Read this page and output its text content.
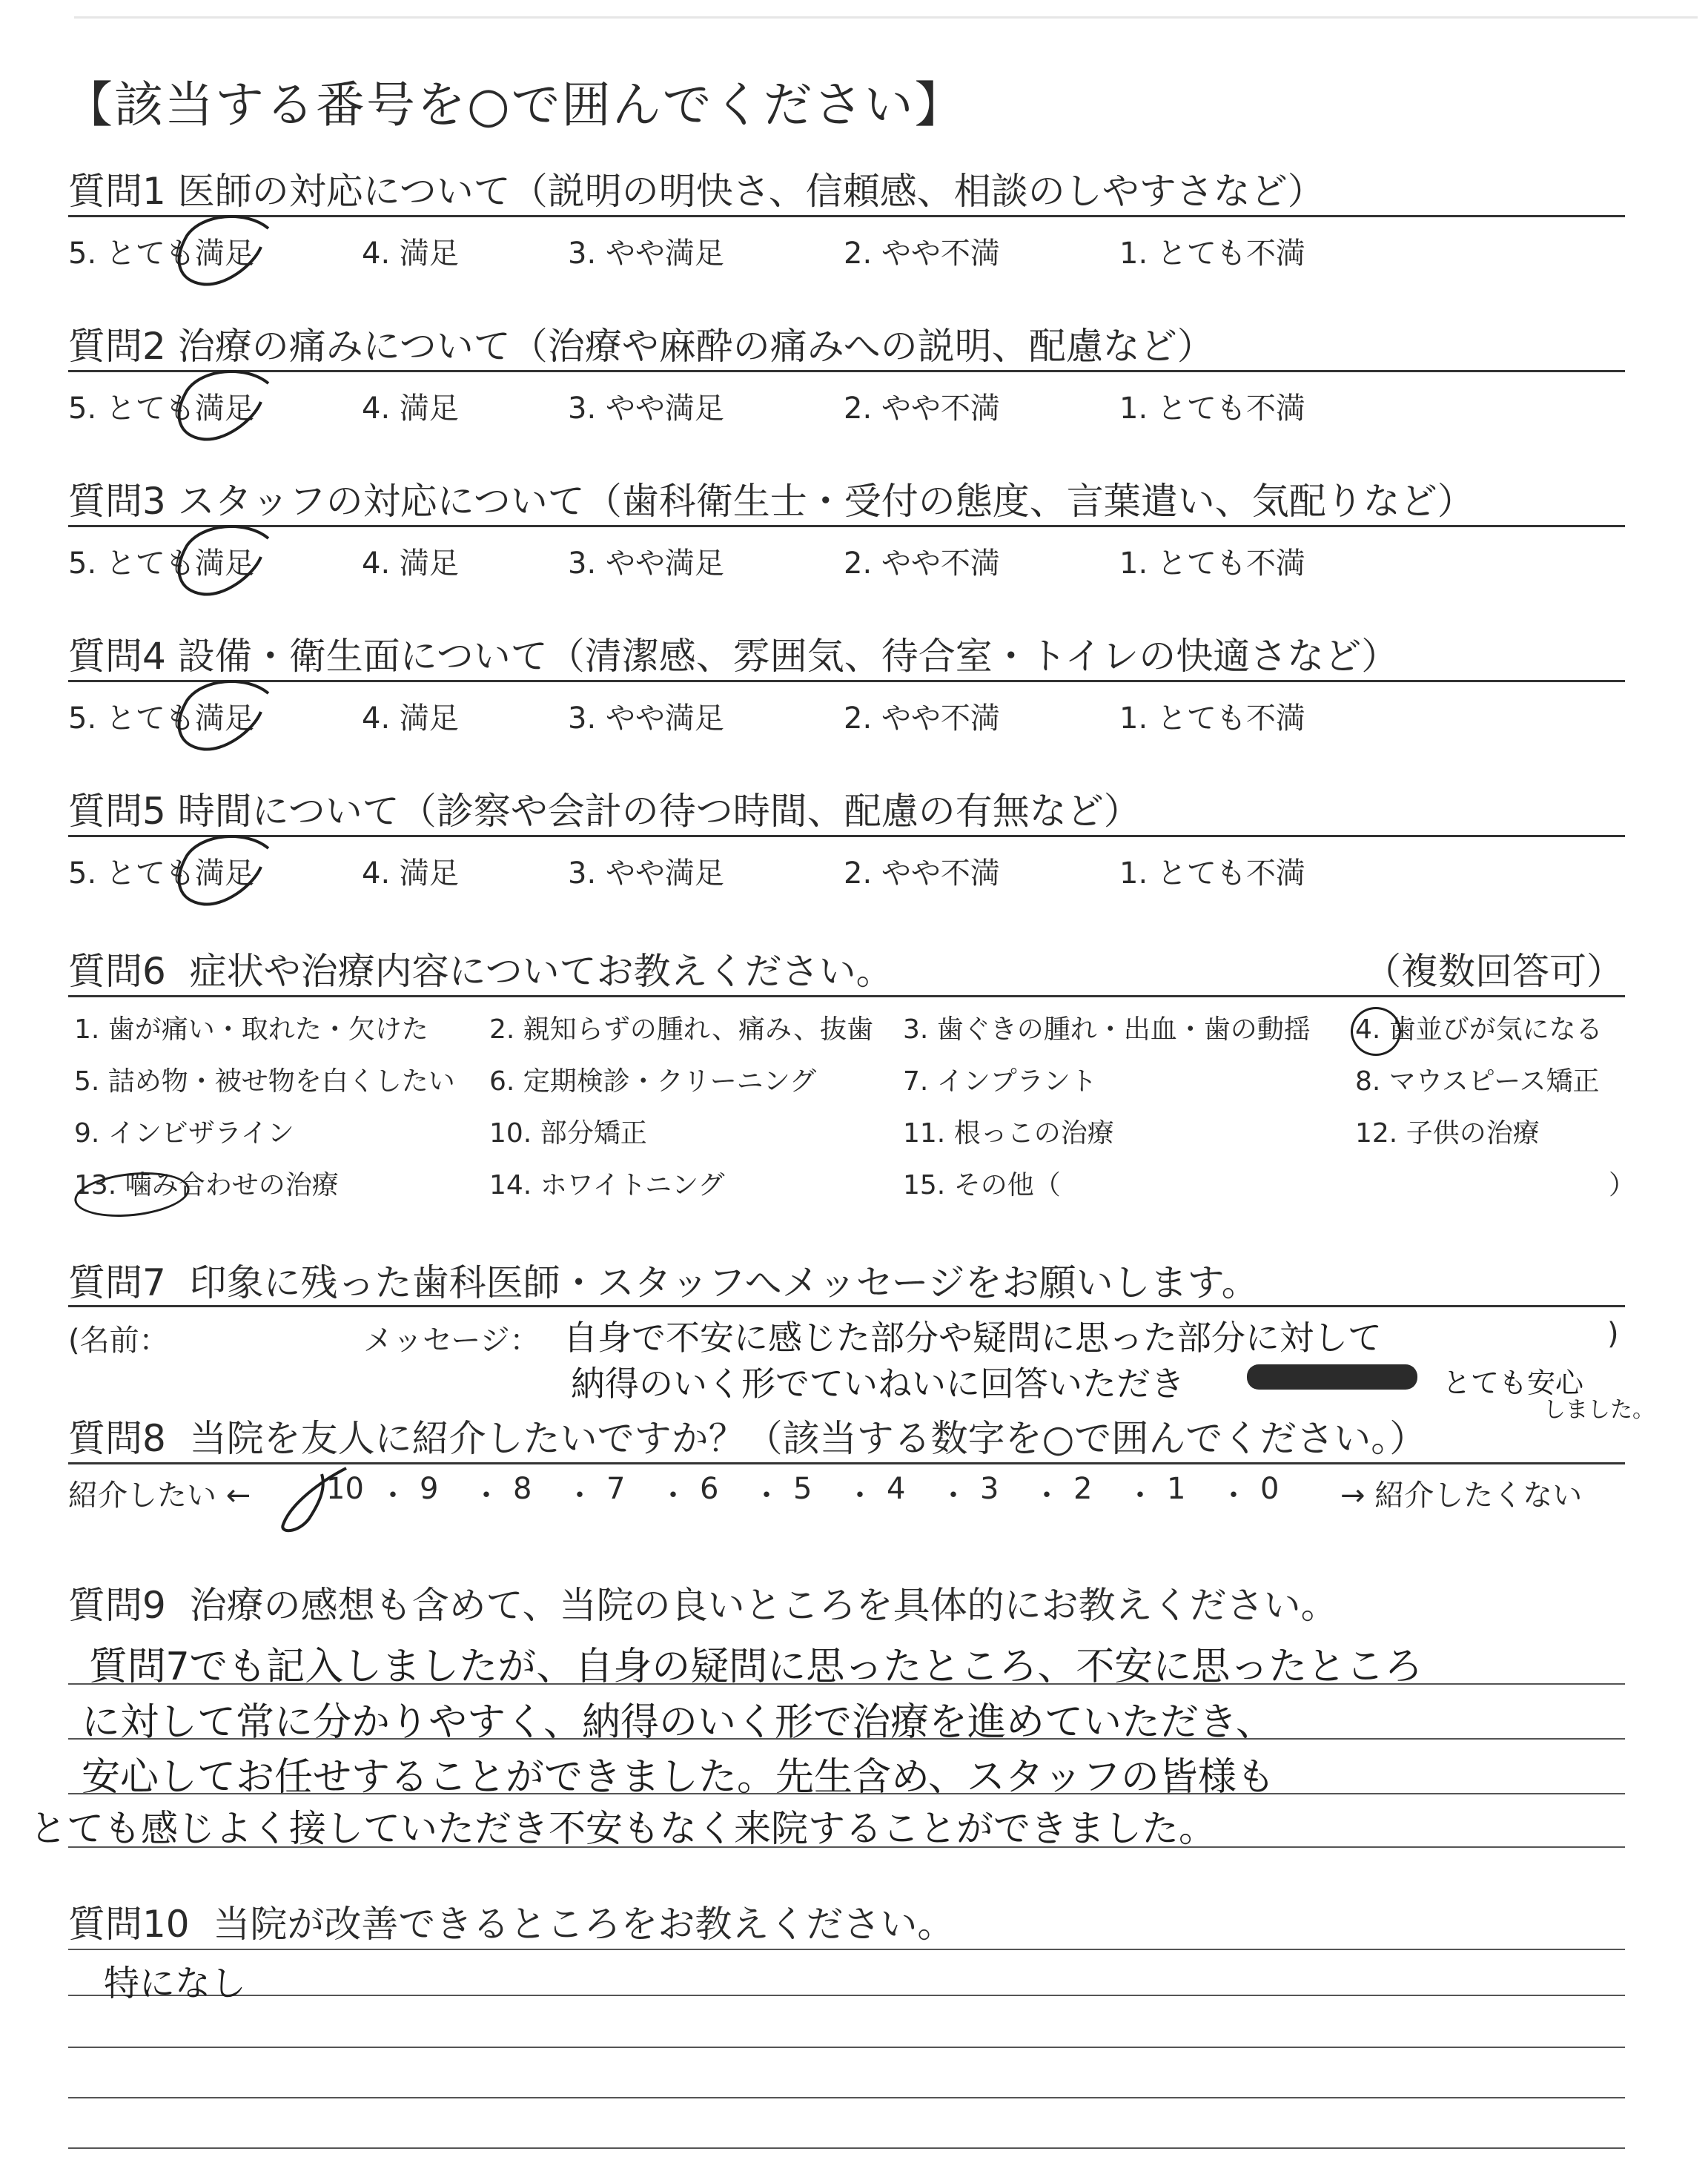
【該当する番号を○で囲んでください】
質問1 医師の対応について（説明の明快さ、信頼感、相談のしやすさなど）
5. とても満足	4. 満足	3. やや満足	2. やや不満	1. とても不満
質問2 治療の痛みについて（治療や麻酔の痛みへの説明、配慮など）
5. とても満足	4. 満足	3. やや満足	2. やや不満	1. とても不満
質問3 スタッフの対応について（歯科衛生士・受付の態度、言葉遣い、気配りなど）
5. とても満足	4. 満足	3. やや満足	2. やや不満	1. とても不満
質問4 設備・衛生面について（清潔感、雰囲気、待合室・トイレの快適さなど）
5. とても満足	4. 満足	3. やや満足	2. やや不満	1. とても不満
質問5 時間について（診察や会計の待つ時間、配慮の有無など）
5. とても満足	4. 満足	3. やや満足	2. やや不満	1. とても不満
質問6 症状や治療内容についてお教えください。	（複数回答可）
1. 歯が痛い・取れた・欠けた 2. 親知らずの腫れ、痛み、抜歯 3. 歯ぐきの腫れ・出血・歯の動揺 4. 歯並びが気になる
5. 詰め物・被せ物を白くしたい 6. 定期検診・クリーニング	7. インプラント	8. マウスピース矯正
9. インビザライン	10. 部分矯正	11. 根っこの治療	12. 子供の治療
13. 噛み合わせの治療	14. ホワイトニング	15. その他（	）
質問7 印象に残った歯科医師・スタッフへメッセージをお願いします。
(名前：	メッセージ： 自身で不安に感じた部分や疑問に思った部分に対して	)
納得のいく形でていねいに回答いただき	とても安心
しました。
質問8 当院を友人に紹介したいですか？（該当する数字を○で囲んでください。）
紹介したい ←	10 ・ 9 ・ 8 ・ 7 ・ 6 ・ 5 ・ 4 ・ 3 ・ 2 ・ 1 ・ 0 → 紹介したくない
質問9 治療の感想も含めて、当院の良いところを具体的にお教えください。
質問7でも記入しましたが、自身の疑問に思ったところ、不安に思ったところ
に対して常に分かりやすく、納得のいく形で治療を進めていただき、
安心してお任せすることができました。先生含め、スタッフの皆様も
とても感じよく接していただき不安もなく来院することができました。
質問10 当院が改善できるところをお教えください。
特になし
